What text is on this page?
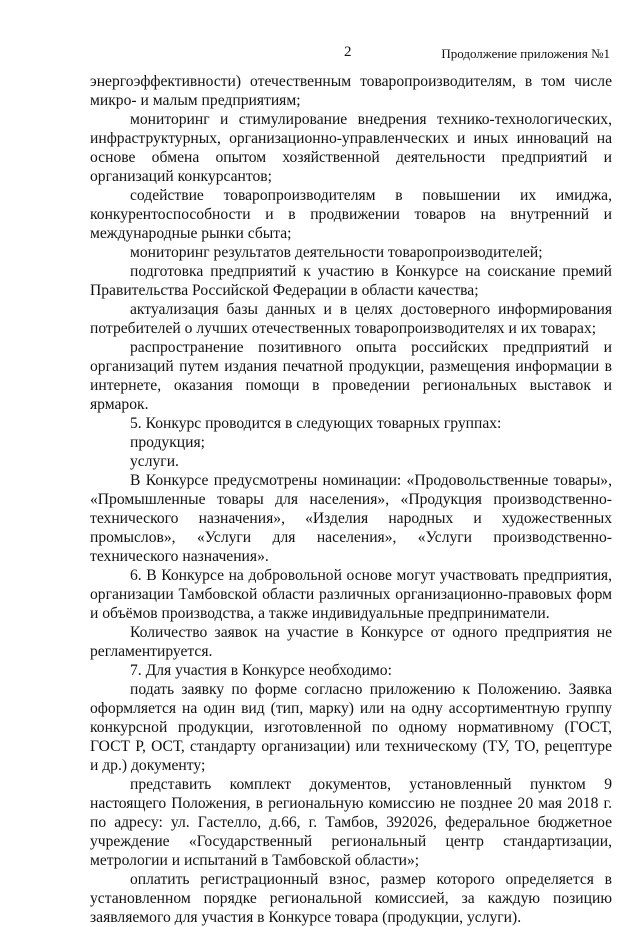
2	Продолжение приложения №1

энергоэффективности) отечественным товаропроизводителям, в том числе микро- и малым предприятиям;

мониторинг и стимулирование внедрения технико-технологических, инфраструктурных, организационно-управленческих и иных инноваций на основе обмена опытом хозяйственной деятельности предприятий и организаций конкурсантов;

содействие товаропроизводителям в повышении их имиджа, конкурентоспособности и в продвижении товаров на внутренний и международные рынки сбыта;

мониторинг результатов деятельности товаропроизводителей;

подготовка предприятий к участию в Конкурсе на соискание премий Правительства Российской Федерации в области качества;

актуализация базы данных и в целях достоверного информирования потребителей о лучших отечественных товаропроизводителях и их товарах;

распространение позитивного опыта российских предприятий и организаций путем издания печатной продукции, размещения информации в интернете, оказания помощи в проведении региональных выставок и ярмарок.

5. Конкурс проводится в следующих товарных группах:

продукция;

услуги.

В Конкурсе предусмотрены номинации: «Продовольственные товары», «Промышленные товары для населения», «Продукция производственно-технического назначения», «Изделия народных и художественных промыслов», «Услуги для населения», «Услуги производственно-технического назначения».

6. В Конкурсе на добровольной основе могут участвовать предприятия, организации Тамбовской области различных организационно-правовых форм и объёмов производства, а также индивидуальные предприниматели.

Количество заявок на участие в Конкурсе от одного предприятия не регламентируется.

7. Для участия в Конкурсе необходимо:

подать заявку по форме согласно приложению к Положению. Заявка оформляется на один вид (тип, марку) или на одну ассортиментную группу конкурсной продукции, изготовленной по одному нормативному (ГОСТ, ГОСТ Р, ОСТ, стандарту организации) или техническому (ТУ, ТО, рецептуре и др.) документу;

представить комплект документов, установленный пунктом 9 настоящего Положения, в региональную комиссию не позднее 20 мая 2018 г. по адресу: ул. Гастелло, д.66, г. Тамбов, 392026, федеральное бюджетное учреждение «Государственный региональный центр стандартизации, метрологии и испытаний в Тамбовской области»;

оплатить регистрационный взнос, размер которого определяется в установленном порядке региональной комиссией, за каждую позицию заявляемого для участия в Конкурсе товара (продукции, услуги).
